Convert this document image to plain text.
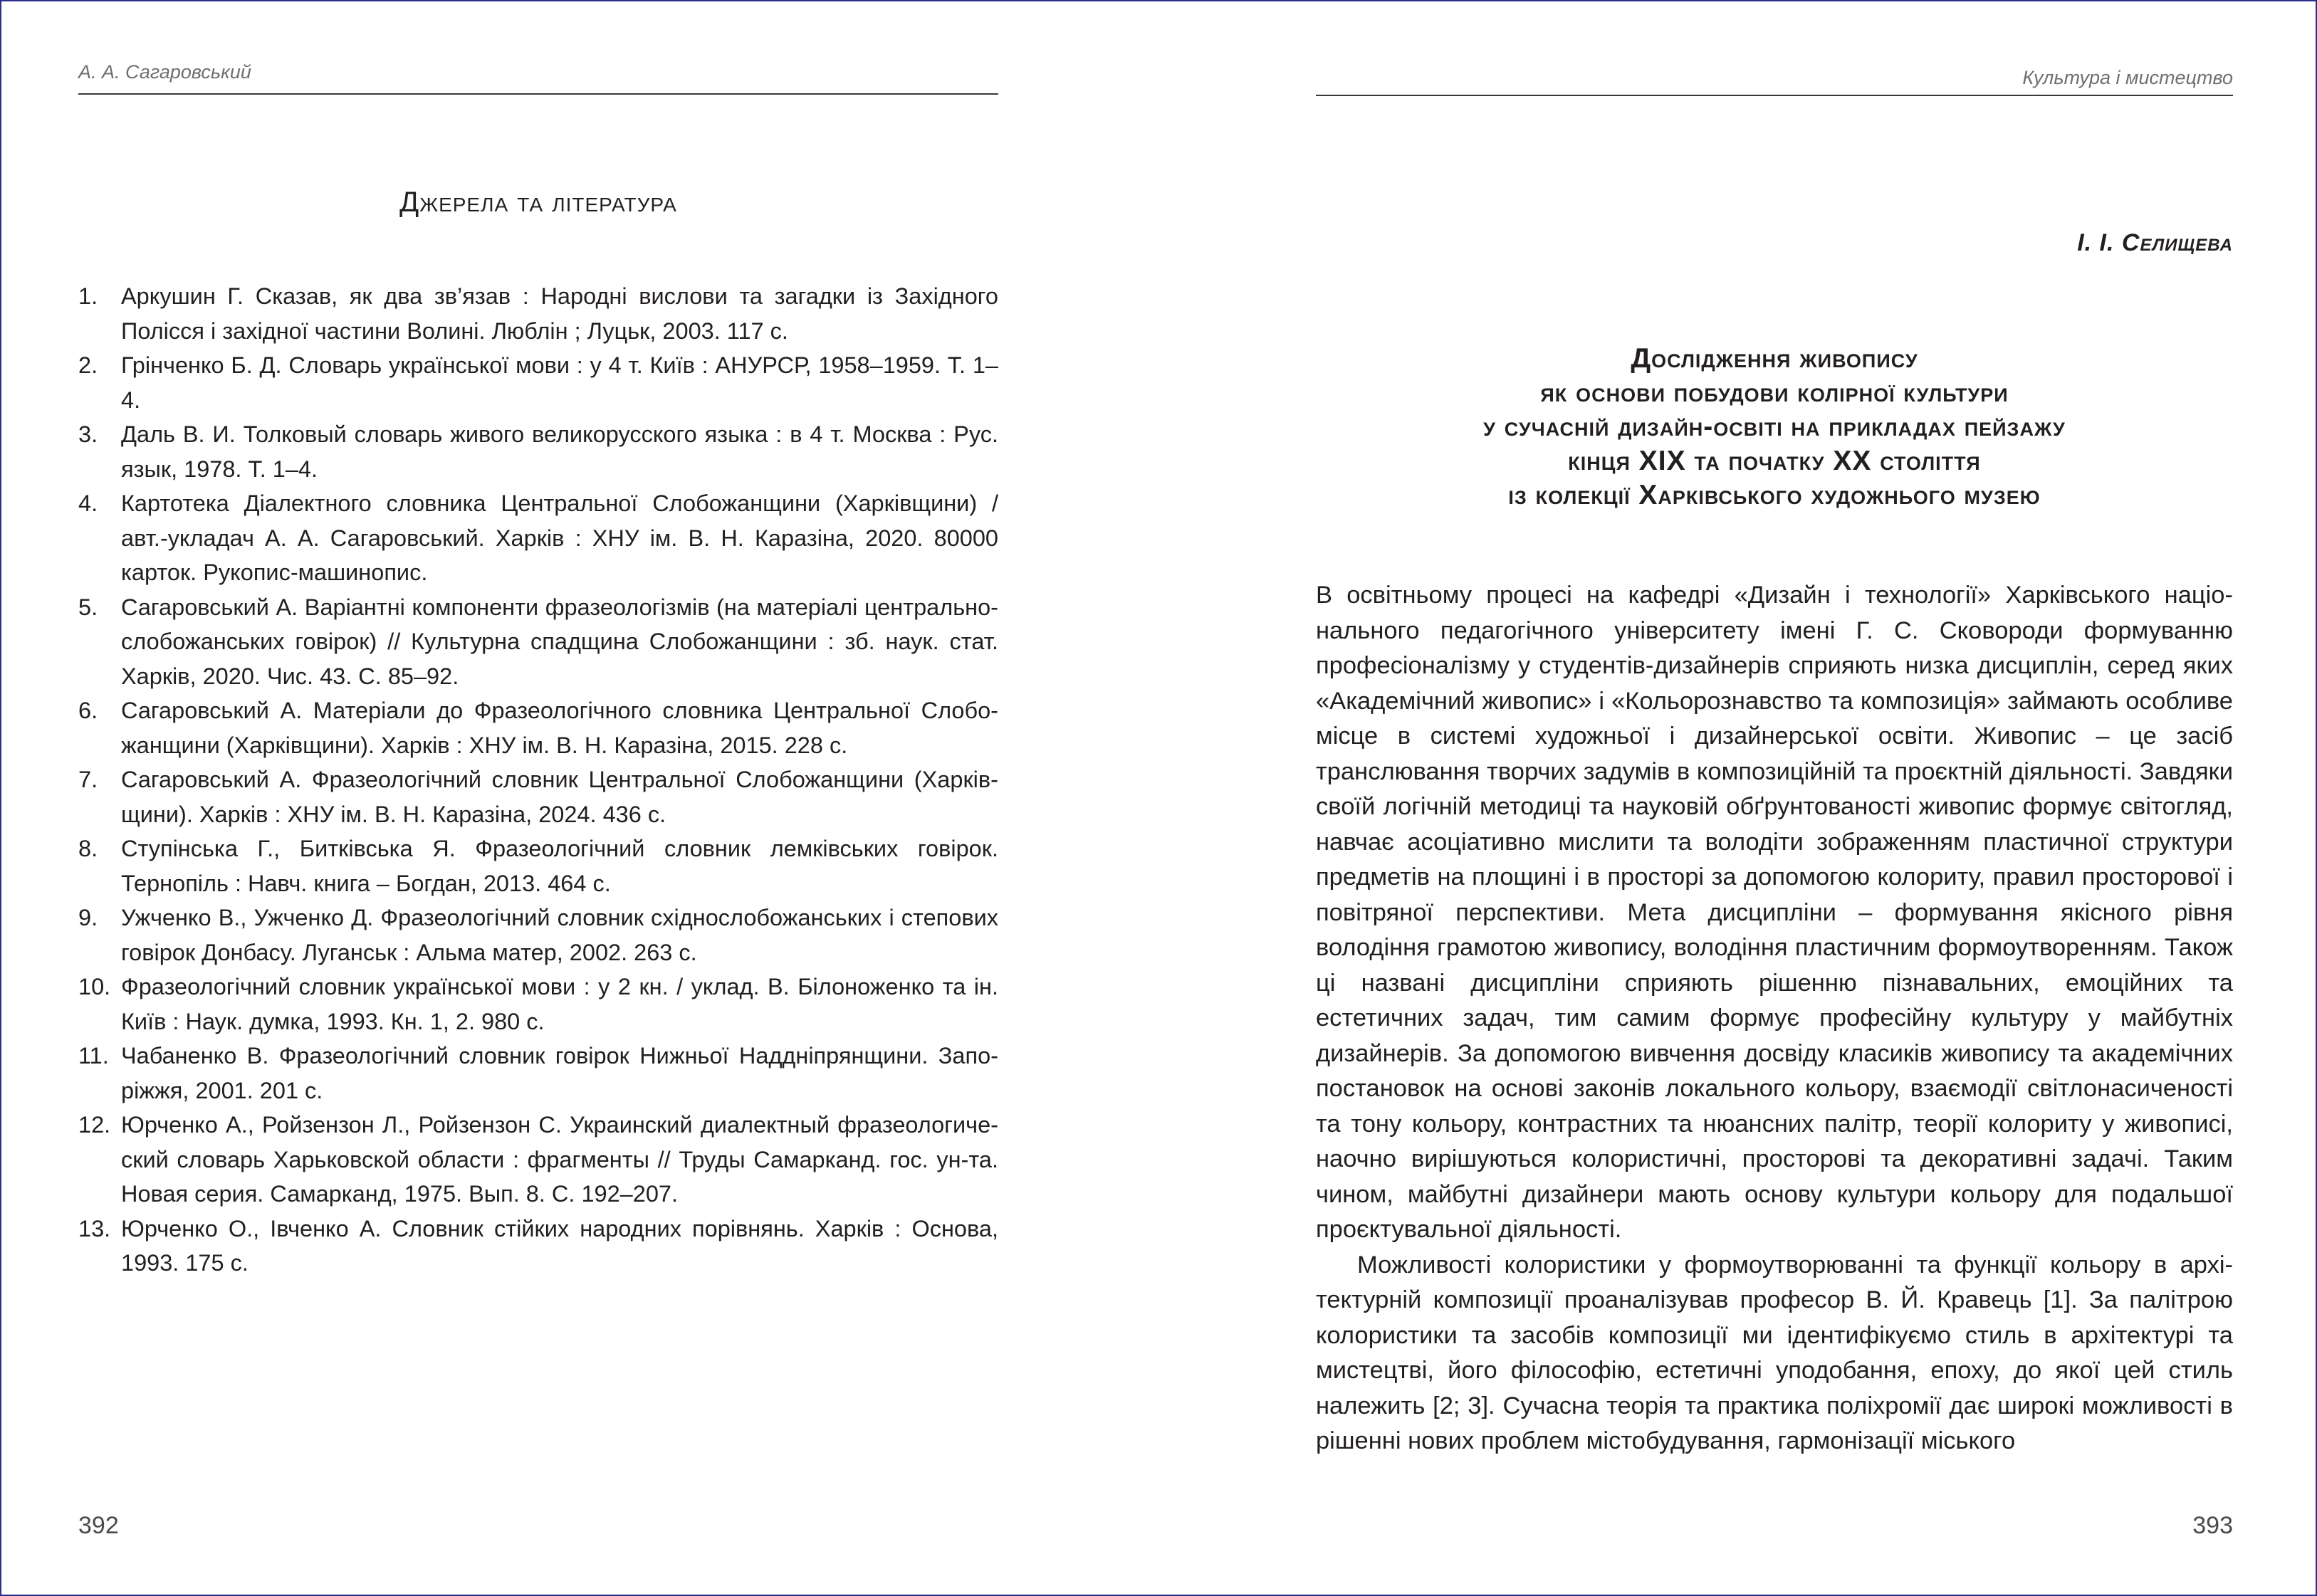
А. А. Сагаровський
Джерела та література
1. Аркушин Г. Сказав, як два зв’язав : Народні вислови та загадки із Західного Полісся і західної частини Волині. Люблін ; Луцьк, 2003. 117 с.
2. Грінченко Б. Д. Словарь української мови : у 4 т. Київ : АНУРСР, 1958–1959. Т. 1–4.
3. Даль В. И. Толковый словарь живого великорусского языка : в 4 т. Москва : Рус. язык, 1978. Т. 1–4.
4. Картотека Діалектного словника Центральної Слобожанщини (Харківщини) / авт.-укладач А. А. Сагаровський. Харків : ХНУ ім. В. Н. Каразіна, 2020. 80000 карток. Рукопис-машинопис.
5. Сагаровський А. Варіантні компоненти фразеологізмів (на матеріалі центральнослобожанських говірок) // Культурна спадщина Слобожанщини : зб. наук. стат. Харків, 2020. Чис. 43. С. 85–92.
6. Сагаровський А. Матеріали до Фразеологічного словника Центральної Слобожанщини (Харківщини). Харків : ХНУ ім. В. Н. Каразіна, 2015. 228 с.
7. Сагаровський А. Фразеологічний словник Центральної Слобожанщини (Харківщини). Харків : ХНУ ім. В. Н. Каразіна, 2024. 436 с.
8. Ступінська Г., Битківська Я. Фразеологічний словник лемківських говірок. Тернопіль : Навч. книга – Богдан, 2013. 464 с.
9. Ужченко В., Ужченко Д. Фразеологічний словник східнослобожанських і степових говірок Донбасу. Луганськ : Альма матер, 2002. 263 с.
10. Фразеологічний словник української мови : у 2 кн. / уклад. В. Білоноженко та ін. Київ : Наук. думка, 1993. Кн. 1, 2. 980 с.
11. Чабаненко В. Фразеологічний словник говірок Нижньої Наддніпрянщини. Запоріжжя, 2001. 201 с.
12. Юрченко А., Ройзензон Л., Ройзензон С. Украинский диалектный фразеологический словарь Харьковской области : фрагменты // Труды Самарканд. гос. ун-та. Новая серия. Самарканд, 1975. Вып. 8. С. 192–207.
13. Юрченко О., Івченко А. Словник стійких народних порівнянь. Харків : Основа, 1993. 175 с.
392
Культура і мистецтво
І. І. Селищева
Дослідження живопису
як основи побудови колірної культури
у сучасній дизайн-освіті на прикладах пейзажу
кінця XIX та початку XX століття
із колекції Харківського художнього музею

В освітньому процесі на кафедрі «Дизайн і технології» Харківського національного педагогічного університету імені Г. С. Сковороди формуванню професіоналізму у студентів-дизайнерів сприяють низка дисциплін, серед яких «Академічний живопис» і «Кольорознавство та композиція» займають особливе місце в системі художньої і дизайнерської освіти. Живопис – це засіб транслювання творчих задумів в композиційній та проєктній діяльності. Завдяки своїй логічній методиці та науковій обґрунтованості живопис формує світогляд, навчає асоціативно мислити та володіти зображенням пластичної структури предметів на площині і в просторі за допомогою колориту, правил просторової і повітряної перспективи. Мета дисципліни – формування якісного рівня володіння грамотою живопису, володіння пластичним формоутворенням. Також ці названі дисципліни сприяють рішенню пізнавальних, емоційних та естетичних задач, тим самим формує професійну культуру у майбутніх дизайнерів. За допомогою вивчення досвіду класиків живопису та академічних постановок на основі законів локального кольору, взаємодії світлонасиченості та тону кольору, контрастних та нюансних палітр, теорії колориту у живописі, наочно вирішуються колористичні, просторові та декоративні задачі. Таким чином, майбутні дизайнери мають основу культури кольору для подальшої проєктувальної діяльності.

Можливості колористики у формоутворюванні та функції кольору в архітектурній композиції проаналізував професор В. Й. Кравець [1]. За палітрою колористики та засобів композиції ми ідентифікуємо стиль в архітектурі та мистецтві, його філософію, естетичні уподобання, епоху, до якої цей стиль належить [2; 3]. Сучасна теорія та практика поліхромії дає широкі можливості в рішенні нових проблем містобудування, гармонізації міського

393
